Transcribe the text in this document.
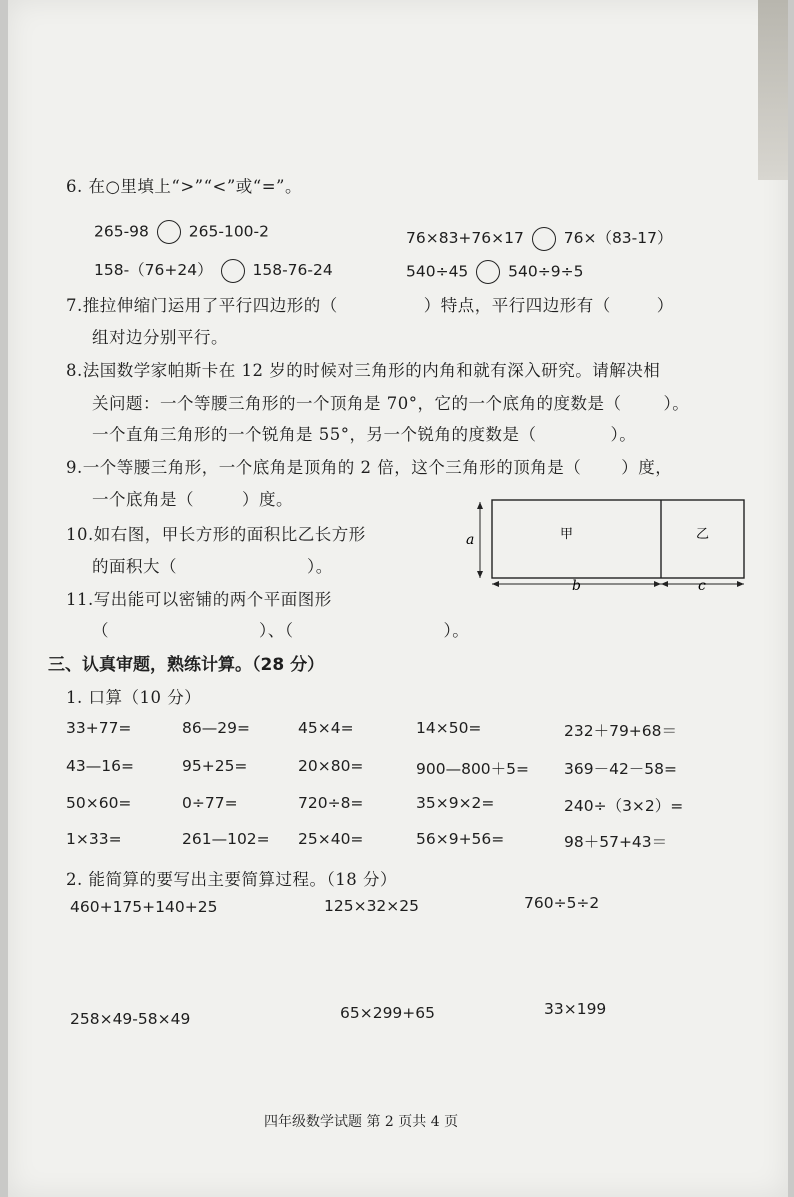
6. 在○里填上“>”“<”或“=”。
265-98	265-100-2	76×83+76×17	76×（83-17）
158-（76+24）	158-76-24	540÷45	540÷9÷5
7.推拉伸缩门运用了平行四边形的（	）特点，平行四边形有（	）
组对边分别平行。
8.法国数学家帕斯卡在 12 岁的时候对三角形的内角和就有深入研究。请解决相
关问题：一个等腰三角形的一个顶角是 70°，它的一个底角的度数是（	）。
一个直角三角形的一个锐角是 55°，另一个锐角的度数是（	）。
9.一个等腰三角形，一个底角是顶角的 2 倍，这个三角形的顶角是（ ）度，
一个底角是（	）度。
10.如右图，甲长方形的面积比乙长方形
的面积大（	）。
甲	乙
a
b	c
11.写出能可以密铺的两个平面图形
（	）、（	）。
三、认真审题，熟练计算。（28 分）
1. 口算（10 分）
33+77=	86—29=	45×4=	14×50=	232＋79+68＝
43—16=	95+25=	20×80=	900—800＋5= 369－42－58=
50×60=	0÷77=	720÷8=	35×9×2=	240÷（3×2）=
1×33=	261—102= 25×40=	56×9+56=	98＋57+43＝
2. 能简算的要写出主要简算过程。（18 分）
460+175+140+25	125×32×25	760÷5÷2
258×49-58×49	65×299+65	33×199
四年级数学试题 第 2 页共 4 页
